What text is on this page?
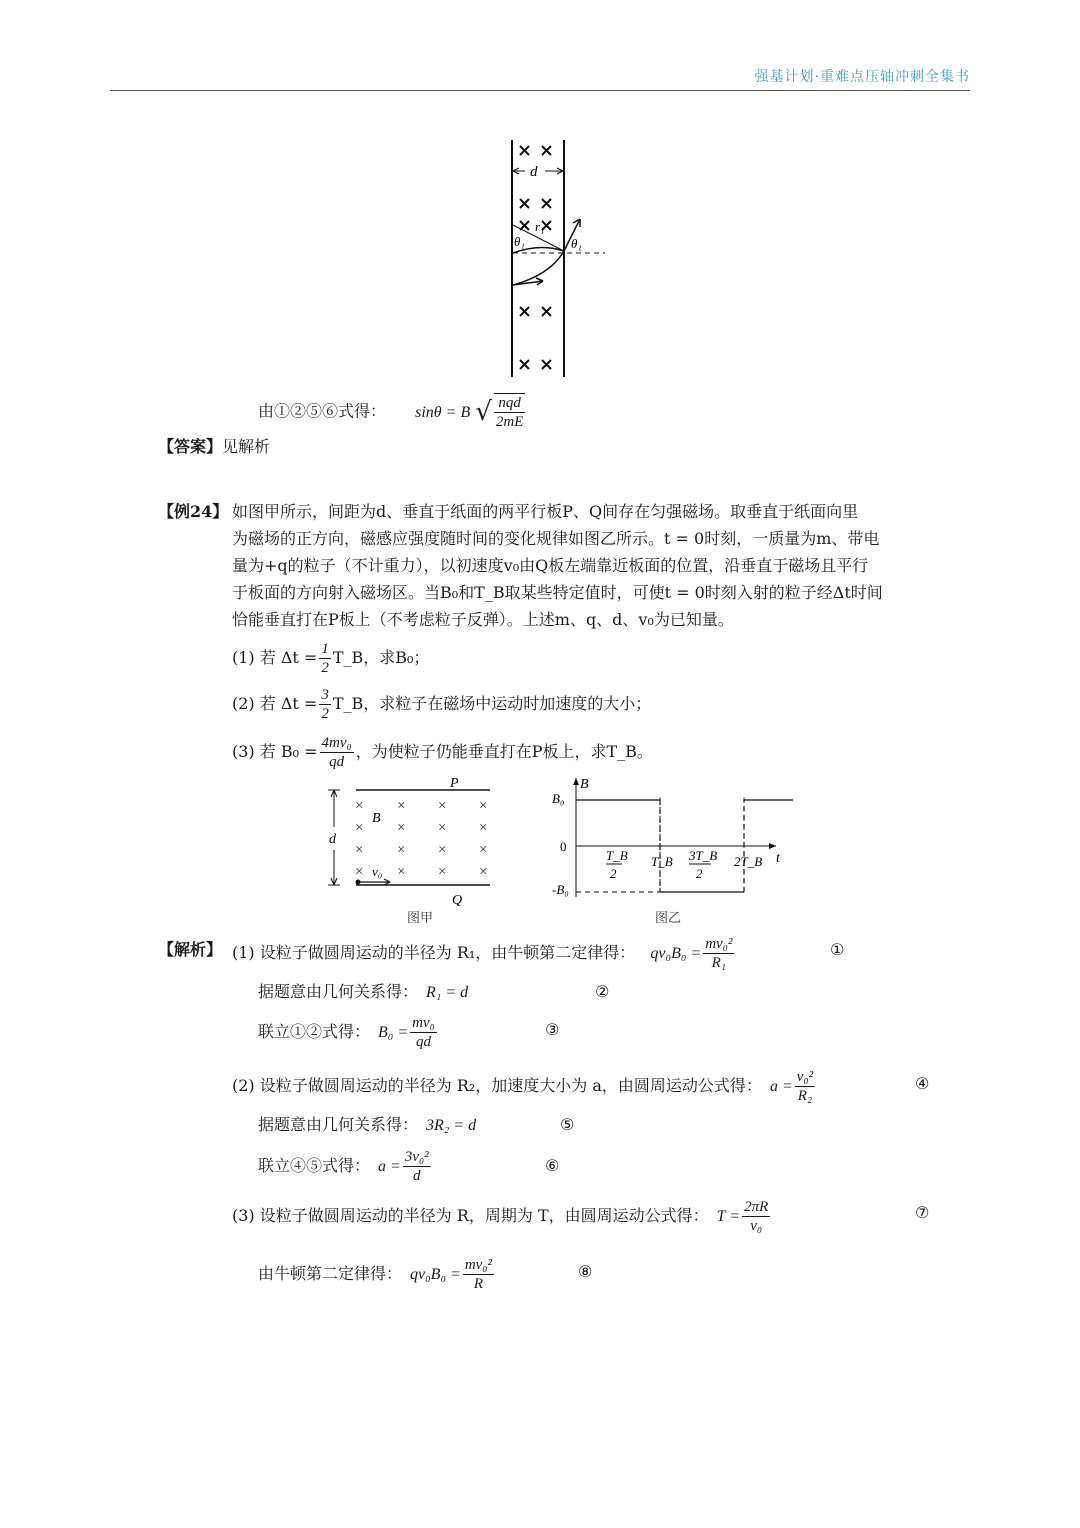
强基计划·重难点压轴冲刺全集书
d
r₁
θ₁	θ₁
由①②⑤⑥式得： sinθ = B √ $\frac{\text{nqd}}{2mE}$
【答案】见解析
【例24】 如图甲所示，间距为d、垂直于纸面的两平行板P、Q间存在匀强磁场。取垂直于纸面向里
为磁场的正方向，磁感应强度随时间的变化规律如图乙所示。t = 0时刻，一质量为m、带电
量为+q的粒子（不计重力），以初速度v₀由Q板左端靠近板面的位置，沿垂直于磁场且平行
于板面的方向射入磁场区。当B₀和T_B取某些特定值时，可使t = 0时刻入射的粒子经Δt时间
恰能垂直打在P板上（不考虑粒子反弹）。上述m、q、d、v₀为已知量。
(1) 若 $\Delta t = \frac{1}{2}$ T_B，求B₀；
(2) 若 $\Delta t = \frac{3}{2}$ T_B，求粒子在磁场中运动时加速度的大小；
(3) 若 $B_0 = \frac{\text{4mv₀}}{qd}$ ，为使粒子仍能垂直打在P板上，求T_B。
P
Q
d
× × × ×
× × × ×
× × × ×
× × × ×
B
v₀
图甲
B
t
B₀
0
-B₀
T_B
2
T_B 3T_B
2
2T_B
图乙
【解析】 (1) 设粒子做圆周运动的半径为 R₁，由牛顿第二定律得： $qv_0B_0 = \frac{\text{mv₀²}}{\text{R₁}}$	①
据题意由几何关系得： R₁ = d	②
联立①②式得： $B_0 = \frac{\text{mv₀}}{qd}$	③
(2) 设粒子做圆周运动的半径为 R₂，加速度大小为 a，由圆周运动公式得： $a = \frac{\text{v₀²}}{\text{R₂}}$	④
据题意由几何关系得： 3R₂ = d	⑤
联立④⑤式得： $a = \frac{\text{3v₀²}}{d}$	⑥
(3) 设粒子做圆周运动的半径为 R，周期为 T，由圆周运动公式得： $T = \frac{2\pi R}{\text{v₀}}$	⑦
由牛顿第二定律得： $qv_0B_0 = \frac{\text{mv₀²}}{R}$	⑧
